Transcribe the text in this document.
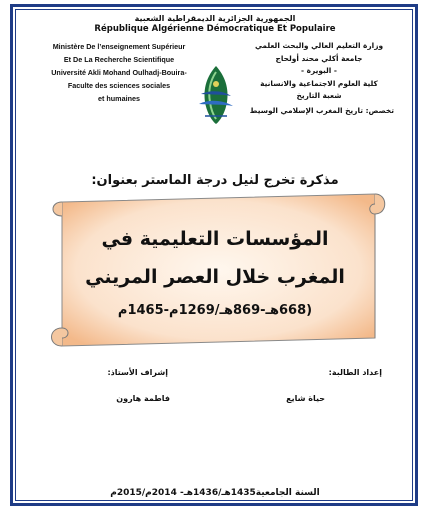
الجمهورية الجزائرية الديمقراطية الشعبية
République Algérienne Démocratique Et Populaire
Ministère De l’enseignement Supérieur
Et De La Recherche Scientifique
Université Akli Mohand Oulhadj-Bouira-
Faculte des sciences sociales
et humaines
وزارة التعليم العالي والبحث العلمي
جامعة أكلي محند أولحاج
- البويرة -
كلية العلوم الاجتماعية والانسانية
شعبة التاريخ
تخصص: تاريخ المغرب الإسلامي الوسيط
مذكرة تخرج لنيل درجة الماستر بعنوان:
المؤسسات التعليمية في
المغرب خلال العصر المريني
(668هـ-869هـ/1269م-1465م
إعداد الطالبة:
إشراف الأستاذ:
حياة شايع
فاطمة هارون
السنة الجامعية1435هـ/1436هـ- 2014م/2015م
